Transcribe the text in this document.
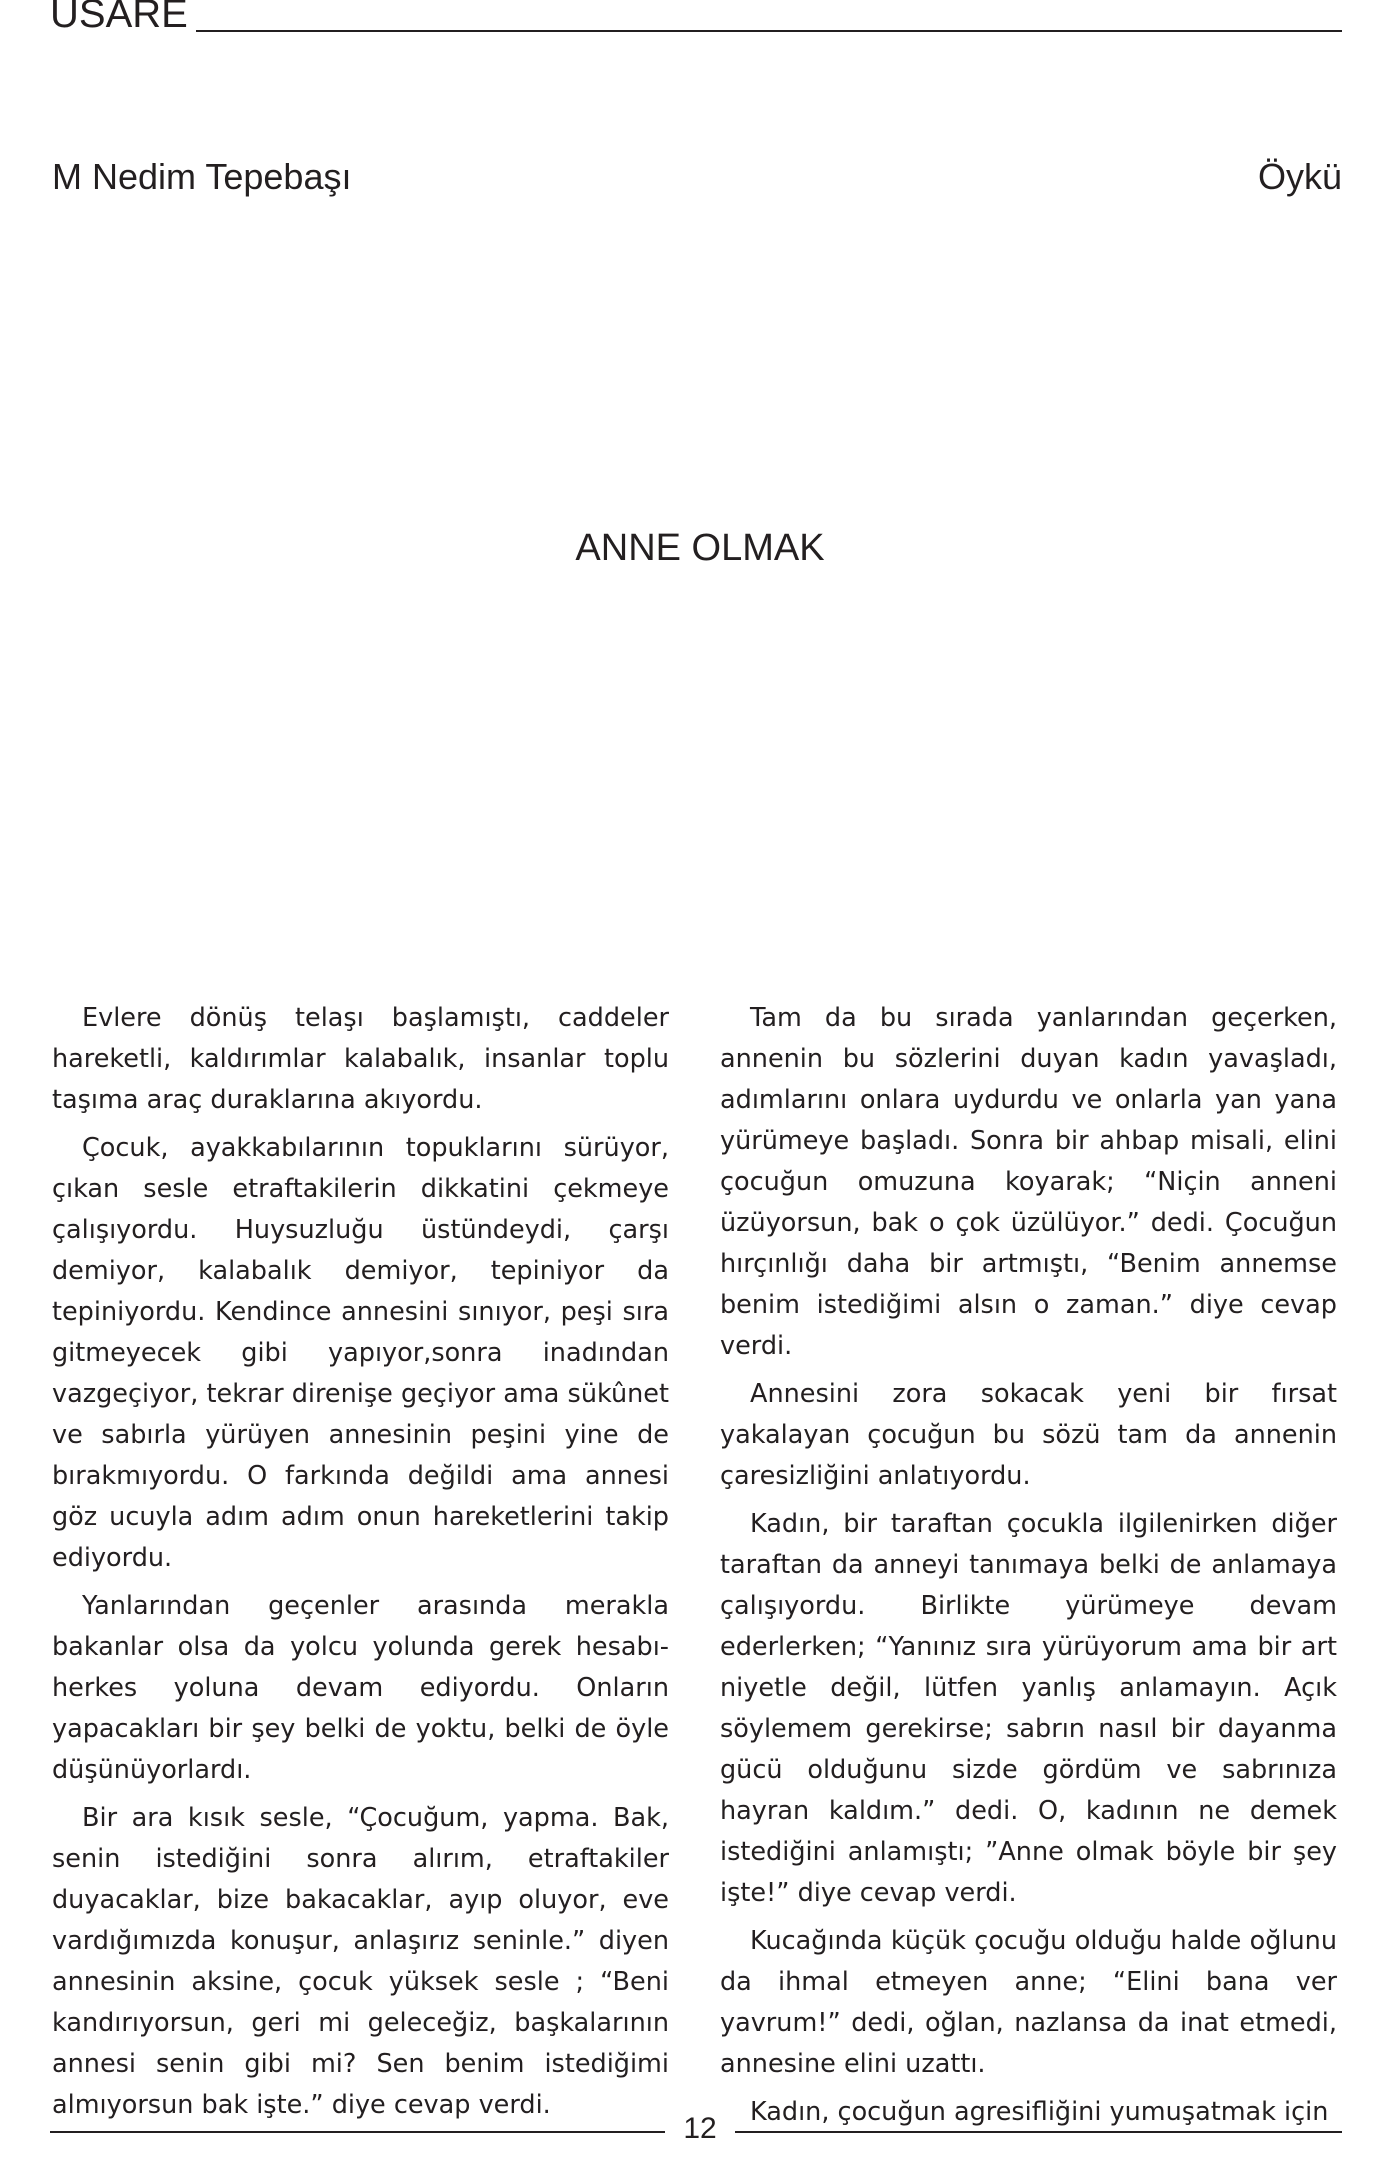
USARE
M Nedim Tepebaşı	Öykü
ANNE OLMAK

Evlere dönüş telaşı başlamıştı, caddeler hareketli, kaldırımlar kalabalık, insanlar toplu taşıma araç duraklarına akıyordu.

Çocuk, ayakkabılarının topuklarını sürüyor, çıkan sesle etraftakilerin dikkatini çekmeye çalışıyordu. Huysuzluğu üstündeydi, çarşı demiyor, kalabalık demiyor, tepiniyor da tepiniyordu. Kendince annesini sınıyor, peşi sıra gitmeyecek gibi yapıyor,sonra inadından vazgeçiyor, tekrar direnişe geçiyor ama sükûnet ve sabırla yürüyen annesinin peşini yine de bırakmıyordu. O farkında değildi ama annesi göz ucuyla adım adım onun hareketlerini takip ediyordu.

Yanlarından geçenler arasında merakla bakanlar olsa da yolcu yolunda gerek hesabı-herkes yoluna devam ediyordu. Onların yapacakları bir şey belki de yoktu, belki de öyle düşünüyorlardı.

Bir ara kısık sesle, “Çocuğum, yapma. Bak, senin istediğini sonra alırım, etraftakiler duyacaklar, bize bakacaklar, ayıp oluyor, eve vardığımızda konuşur, anlaşırız seninle.” diyen annesinin aksine, çocuk yüksek sesle ; “Beni kandırıyorsun, geri mi geleceğiz, başkalarının annesi senin gibi mi? Sen benim istediğimi almıyorsun bak işte.” diye cevap verdi.

Tam da bu sırada yanlarından geçerken, annenin bu sözlerini duyan kadın yavaşladı, adımlarını onlara uydurdu ve onlarla yan yana yürümeye başladı. Sonra bir ahbap misali, elini çocuğun omuzuna koyarak; “Niçin anneni üzüyorsun, bak o çok üzülüyor.” dedi. Çocuğun hırçınlığı daha bir artmıştı, “Benim annemse benim istediğimi alsın o zaman.” diye cevap verdi.

Annesini zora sokacak yeni bir fırsat yakalayan çocuğun bu sözü tam da annenin çaresizliğini anlatıyordu.

Kadın, bir taraftan çocukla ilgilenirken diğer taraftan da anneyi tanımaya belki de anlamaya çalışıyordu. Birlikte yürümeye devam ederlerken; “Yanınız sıra yürüyorum ama bir art niyetle değil, lütfen yanlış anlamayın. Açık söylemem gerekirse; sabrın nasıl bir dayanma gücü olduğunu sizde gördüm ve sabrınıza hayran kaldım.” dedi. O, kadının ne demek istediğini anlamıştı; ”Anne olmak böyle bir şey işte!” diye cevap verdi.

Kucağında küçük çocuğu olduğu halde oğlunu da ihmal etmeyen anne; “Elini bana ver yavrum!” dedi, oğlan, nazlansa da inat etmedi, annesine elini uzattı.

Kadın, çocuğun agresifliğini yumuşatmak için

12
